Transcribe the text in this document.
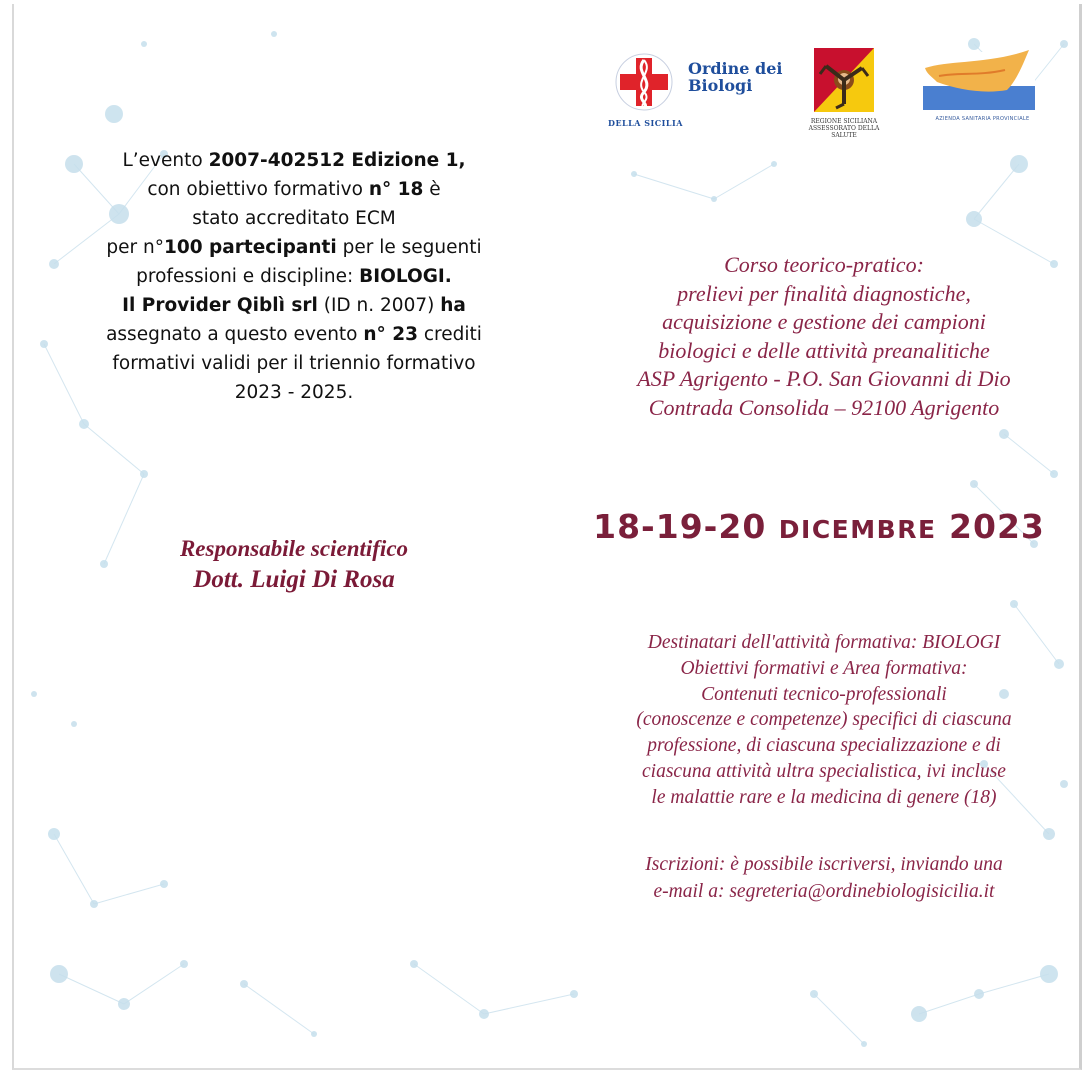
Ordine dei
Biologi
DELLA SICILIA	REGIONE SICILIANA
ASSESSORATO DELLA
SALUTE
AZIENDA SANITARIA PROVINCIALE
L’evento 2007-402512 Edizione 1,
con obiettivo formativo n° 18 è
stato accreditato ECM
per n°100 partecipanti per le seguenti
professioni e discipline: BIOLOGI.
Il Provider Qiblì srl (ID n. 2007) ha
assegnato a questo evento n° 23 crediti
formativi validi per il triennio formativo
2023 - 2025.
Responsabile scientifico
Dott. Luigi Di Rosa
Corso teorico-pratico:
prelievi per finalità diagnostiche,
acquisizione e gestione dei campioni
biologici e delle attività preanalitiche
ASP Agrigento - P.O. San Giovanni di Dio
Contrada Consolida – 92100 Agrigento
18-19-20 DICEMBRE 2023
Destinatari dell'attività formativa: BIOLOGI
Obiettivi formativi e Area formativa:
Contenuti tecnico-professionali
(conoscenze e competenze) specifici di ciascuna
professione, di ciascuna specializzazione e di
ciascuna attività ultra specialistica, ivi incluse
le malattie rare e la medicina di genere (18)
Iscrizioni: è possibile iscriversi, inviando una
e-mail a: segreteria@ordinebiologisicilia.it
